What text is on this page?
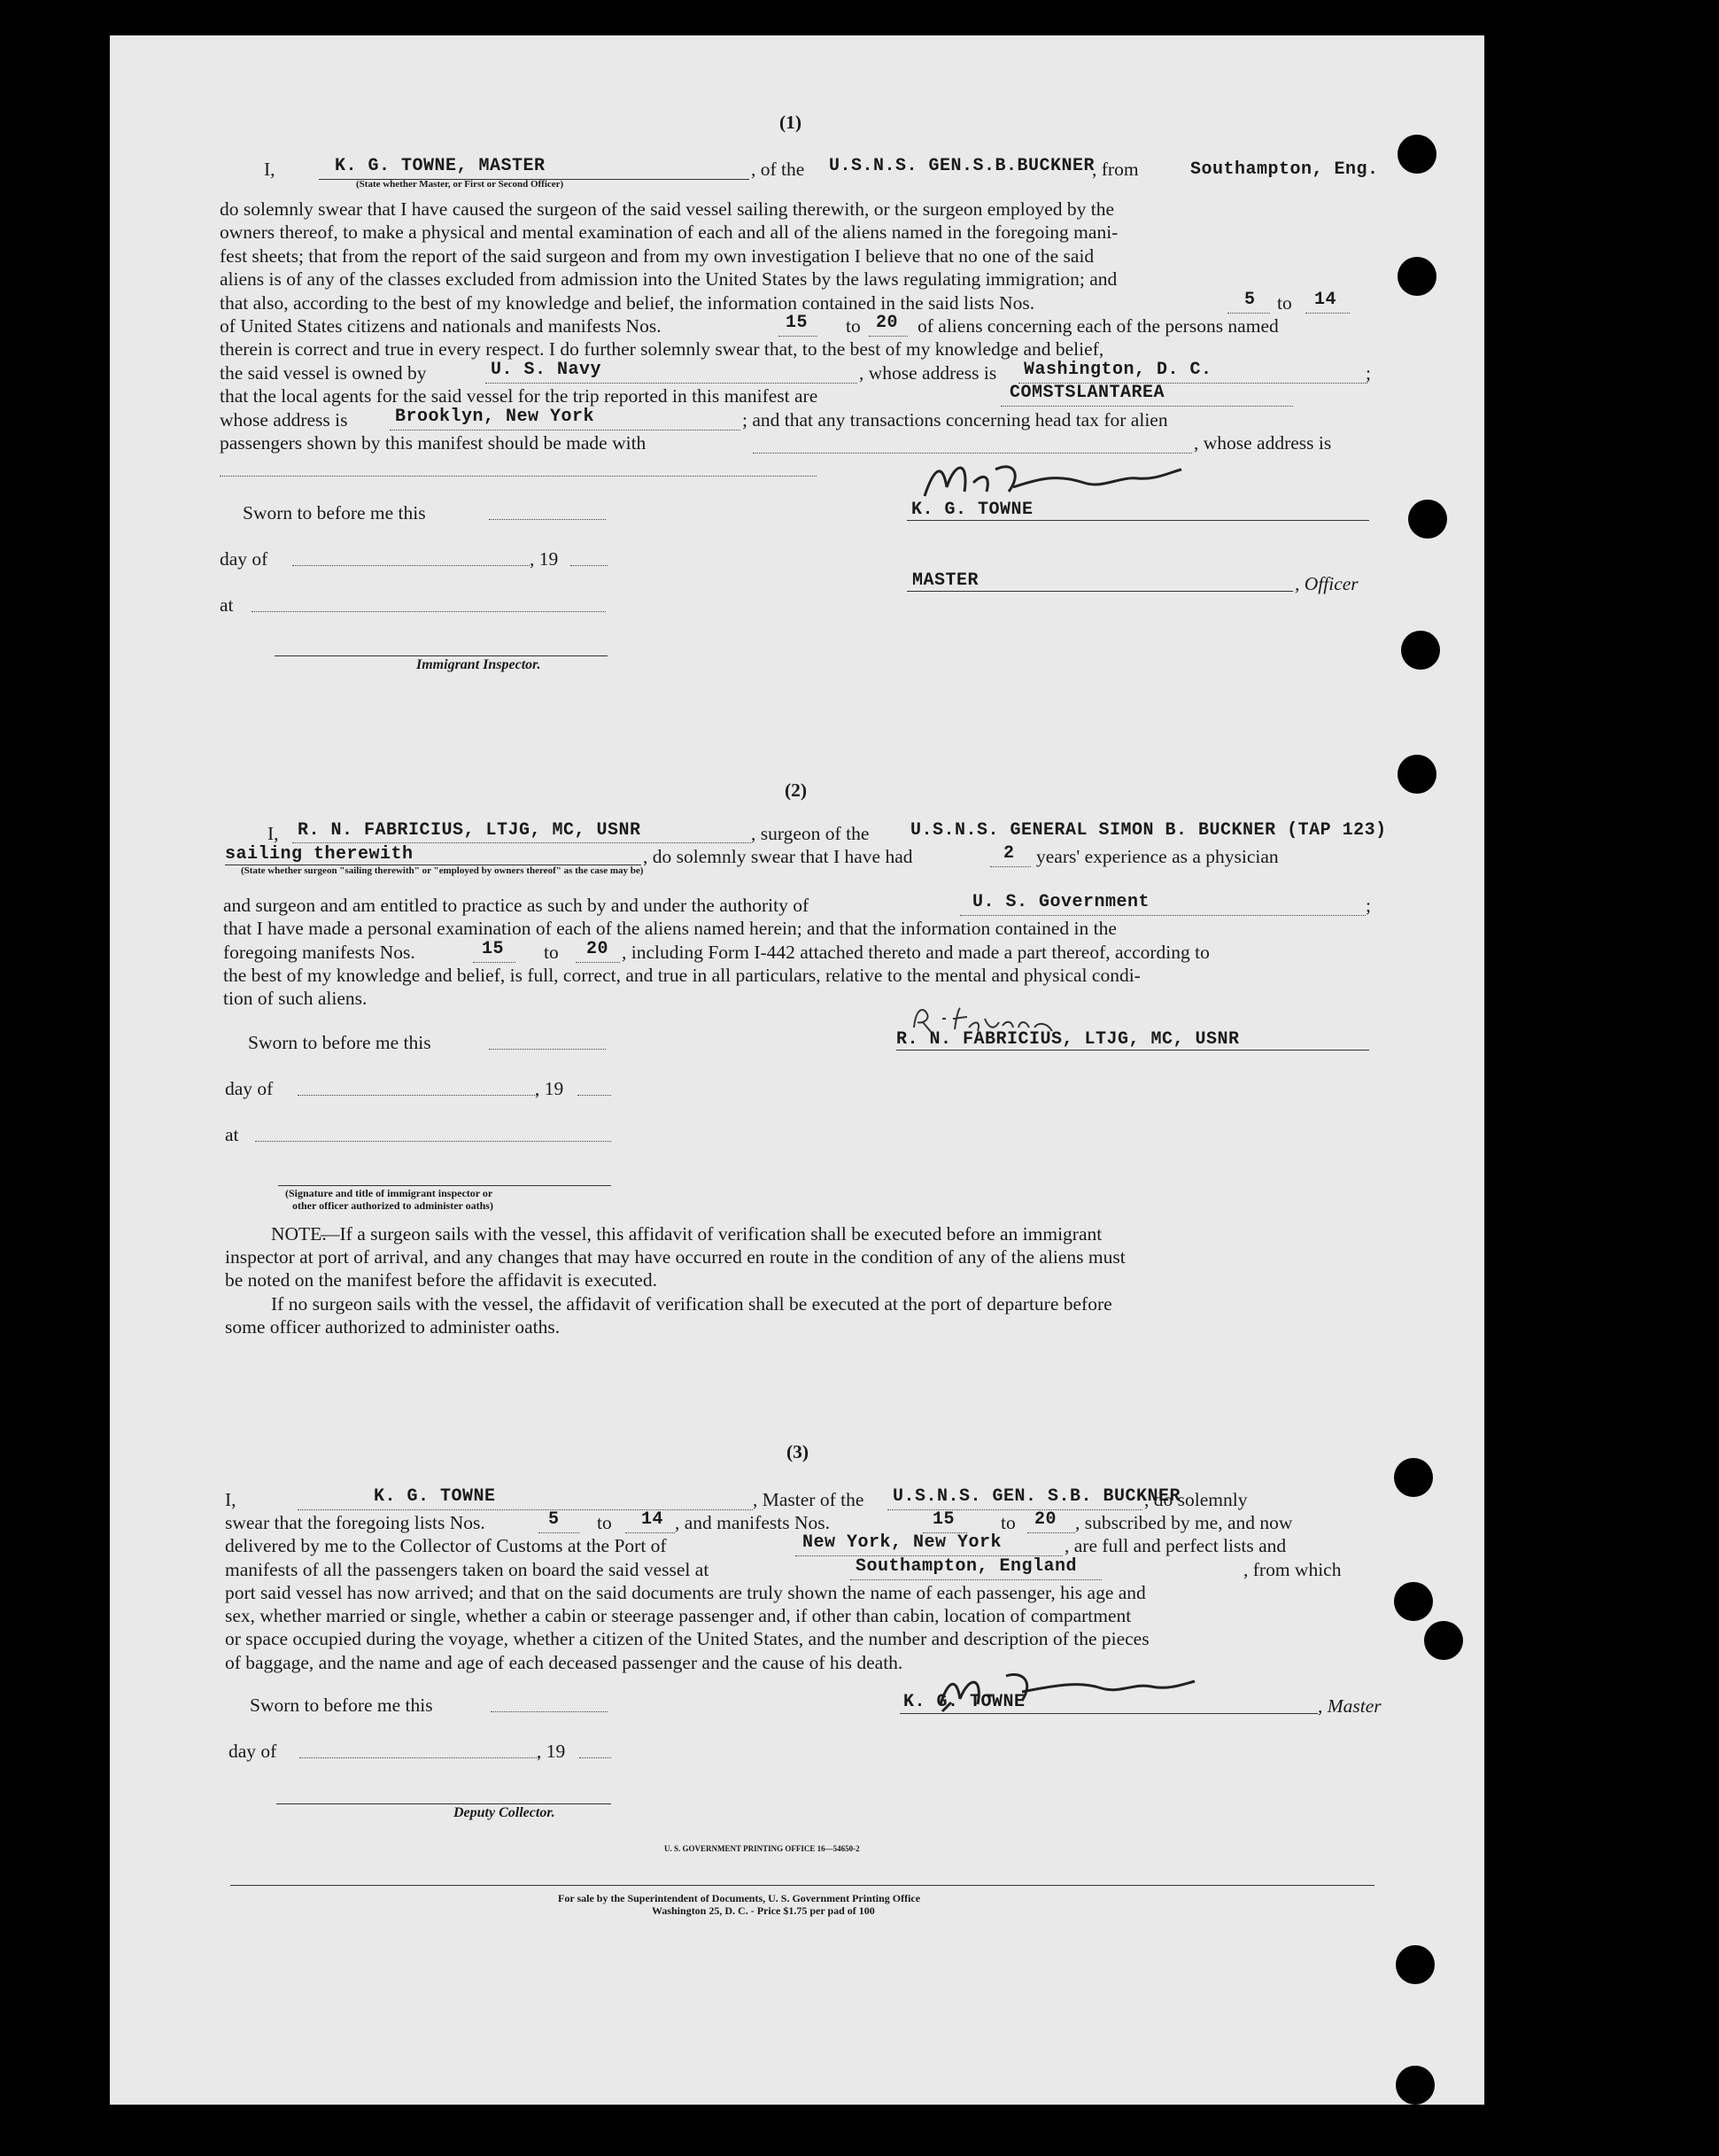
(1)
I,	K. G. TOWNE, MASTER
(State whether Master, or First or Second Officer)
, of the U.S.N.S. GEN.S.B.BUCKNER
, from	Southampton, Eng.
do solemnly swear that I have caused the surgeon of the said vessel sailing therewith, or the surgeon employed by the
owners thereof, to make a physical and mental examination of each and all of the aliens named in the foregoing mani-
fest sheets; that from the report of the said surgeon and from my own investigation I believe that no one of the said
aliens is of any of the classes excluded from admission into the United States by the laws regulating immigration; and
that also, according to the best of my knowledge and belief, the information contained in the said lists Nos.	5 to 14
of United States citizens and nationals and manifests Nos.	15 to 20 of aliens concerning each of the persons named
therein is correct and true in every respect. I do further solemnly swear that, to the best of my knowledge and belief,
the said vessel is owned by	U. S. Navy	, whose address is Washington, D. C.	;
that the local agents for the said vessel for the trip reported in this manifest are	COMSTSLANTAREA
whose address is	Brooklyn, New York	; and that any transactions concerning head tax for alien
passengers shown by this manifest should be made with	, whose address is
Sworn to before me this	K. G. TOWNE
day of	, 19
MASTER	, Officer
at
Immigrant Inspector.
(2)
I, R. N. FABRICIUS, LTJG, MC, USNR	, surgeon of the U.S.N.S. GENERAL SIMON B. BUCKNER (TAP 123)
sailing therewith	, do solemnly swear that I have had	2 years' experience as a physician
(State whether surgeon "sailing therewith" or "employed by owners thereof" as the case may be)
and surgeon and am entitled to practice as such by and under the authority of	U. S. Government	;
that I have made a personal examination of each of the aliens named herein; and that the information contained in the
foregoing manifests Nos.	15 to 20 , including Form I-442 attached thereto and made a part thereof, according to
the best of my knowledge and belief, is full, correct, and true in all particulars, relative to the mental and physical condi-
tion of such aliens.
Sworn to before me this	R. N. FABRICIUS, LTJG, MC, USNR
day of	, 19
at
(Signature and title of immigrant inspector or
other officer authorized to administer oaths)
NOTE.
—If a surgeon sails with the vessel, this affidavit of verification shall be executed before an immigrant
inspector at port of arrival, and any changes that may have occurred en route in the condition of any of the aliens must
be noted on the manifest before the affidavit is executed.
If no surgeon sails with the vessel, the affidavit of verification shall be executed at the port of departure before
some officer authorized to administer oaths.
(3)
I,	K. G. TOWNE	, Master of the U.S.N.S. GEN. S.B. BUCKNER
, do solemnly
swear that the foregoing lists Nos.	5 to 14 , and manifests Nos.	15 to 20 , subscribed by me, and now
delivered by me to the Collector of Customs at the Port of	New York, New York	, are full and perfect lists and
manifests of all the passengers taken on board the said vessel at	Southampton, England	, from which
port said vessel has now arrived; and that on the said documents are truly shown the name of each passenger, his age and
sex, whether married or single, whether a cabin or steerage passenger and, if other than cabin, location of compartment
or space occupied during the voyage, whether a citizen of the United States, and the number and description of the pieces
of baggage, and the name and age of each deceased passenger and the cause of his death.
Sworn to before me this	K. G. TOWNE	, Master
day of	, 19
Deputy Collector.
U. S. GOVERNMENT PRINTING OFFICE 16—54650-2
For sale by the Superintendent of Documents, U. S. Government Printing Office
Washington 25, D. C. - Price $1.75 per pad of 100
